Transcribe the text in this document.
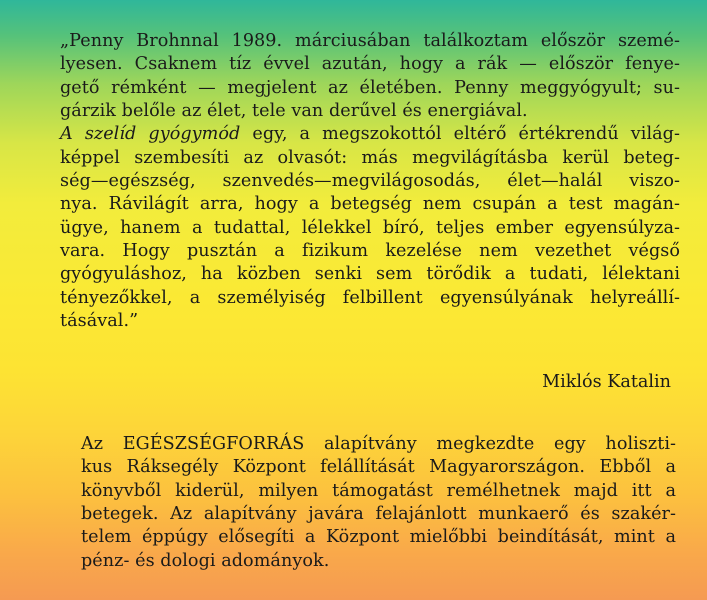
„Penny Brohnnal 1989. márciusában találkoztam először szemé-
lyesen. Csaknem tíz évvel azután, hogy a rák — először fenye-
gető rémként — megjelent az életében. Penny meggyógyult; su-
gárzik belőle az élet, tele van derűvel és energiával.
A szelíd gyógymód egy, a megszokottól eltérő értékrendű világ-
képpel szembesíti az olvasót: más megvilágításba kerül beteg-
ség—egészség, szenvedés—megvilágosodás, élet—halál viszo-
nya. Rávilágít arra, hogy a betegség nem csupán a test magán-
ügye, hanem a tudattal, lélekkel bíró, teljes ember egyensúlyza-
vara. Hogy pusztán a fizikum kezelése nem vezethet végső
gyógyuláshoz, ha közben senki sem törődik a tudati, lélektani
tényezőkkel, a személyiség felbillent egyensúlyának helyreállí-
tásával.”
Miklós Katalin
Az EGÉSZSÉGFORRÁS alapítvány megkezdte egy holiszti-
kus Ráksegély Központ felállítását Magyarországon. Ebből a
könyvből kiderül, milyen támogatást remélhetnek majd itt a
betegek. Az alapítvány javára felajánlott munkaerő és szakér-
telem éppúgy elősegíti a Központ mielőbbi beindítását, mint a
pénz- és dologi adományok.
